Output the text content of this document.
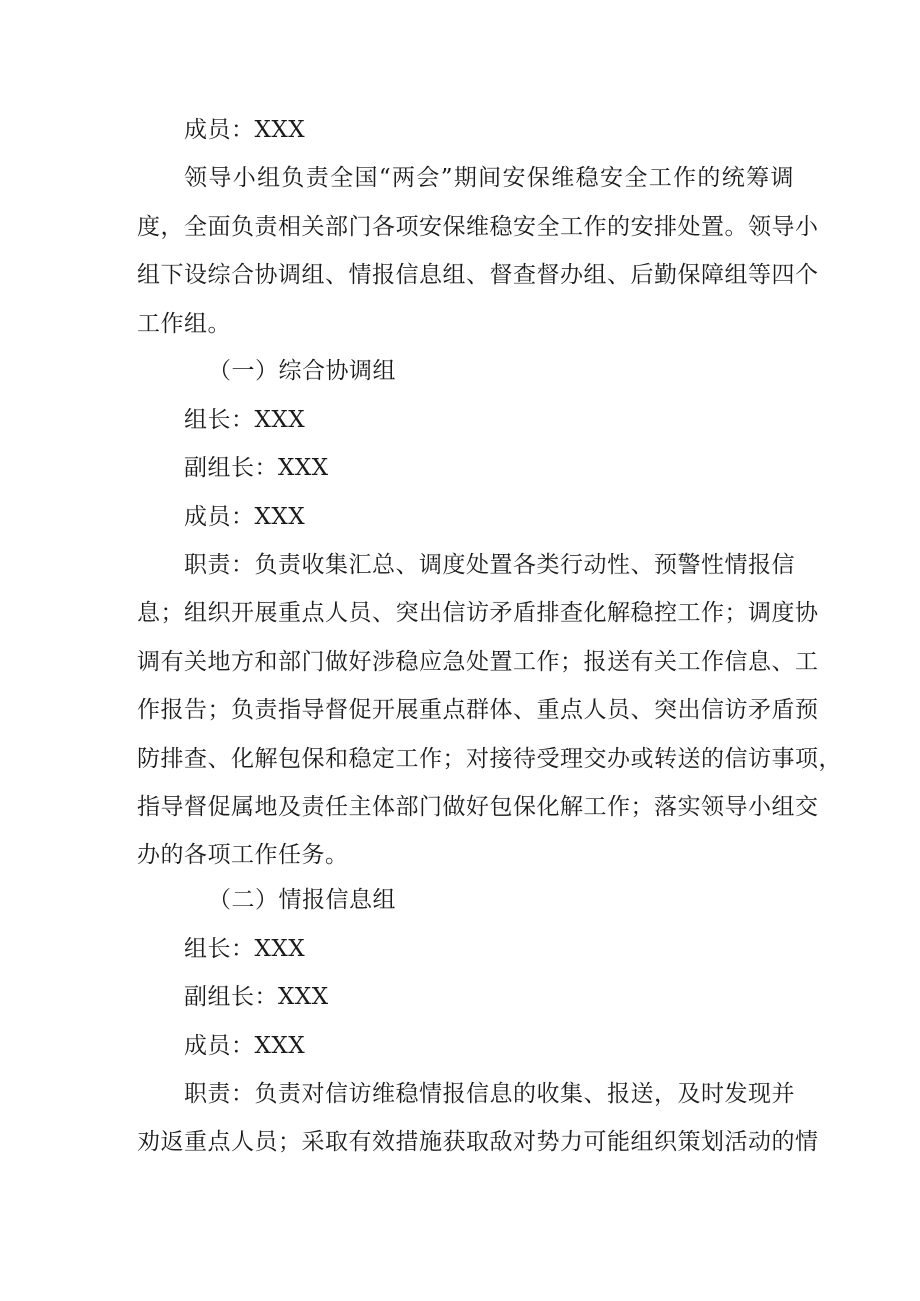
成员：XXX
领导小组负责全国“两会”期间安保维稳安全工作的统筹调
度，全面负责相关部门各项安保维稳安全工作的安排处置。领导小
组下设综合协调组、情报信息组、督查督办组、后勤保障组等四个
工作组。
（一）综合协调组
组长：XXX
副组长：XXX
成员：XXX
职责：负责收集汇总、调度处置各类行动性、预警性情报信
息；组织开展重点人员、突出信访矛盾排查化解稳控工作；调度协
调有关地方和部门做好涉稳应急处置工作；报送有关工作信息、工
作报告；负责指导督促开展重点群体、重点人员、突出信访矛盾预
防排查、化解包保和稳定工作；对接待受理交办或转送的信访事项，
指导督促属地及责任主体部门做好包保化解工作；落实领导小组交
办的各项工作任务。
（二）情报信息组
组长：XXX
副组长：XXX
成员：XXX
职责：负责对信访维稳情报信息的收集、报送，及时发现并
劝返重点人员；采取有效措施获取敌对势力可能组织策划活动的情
